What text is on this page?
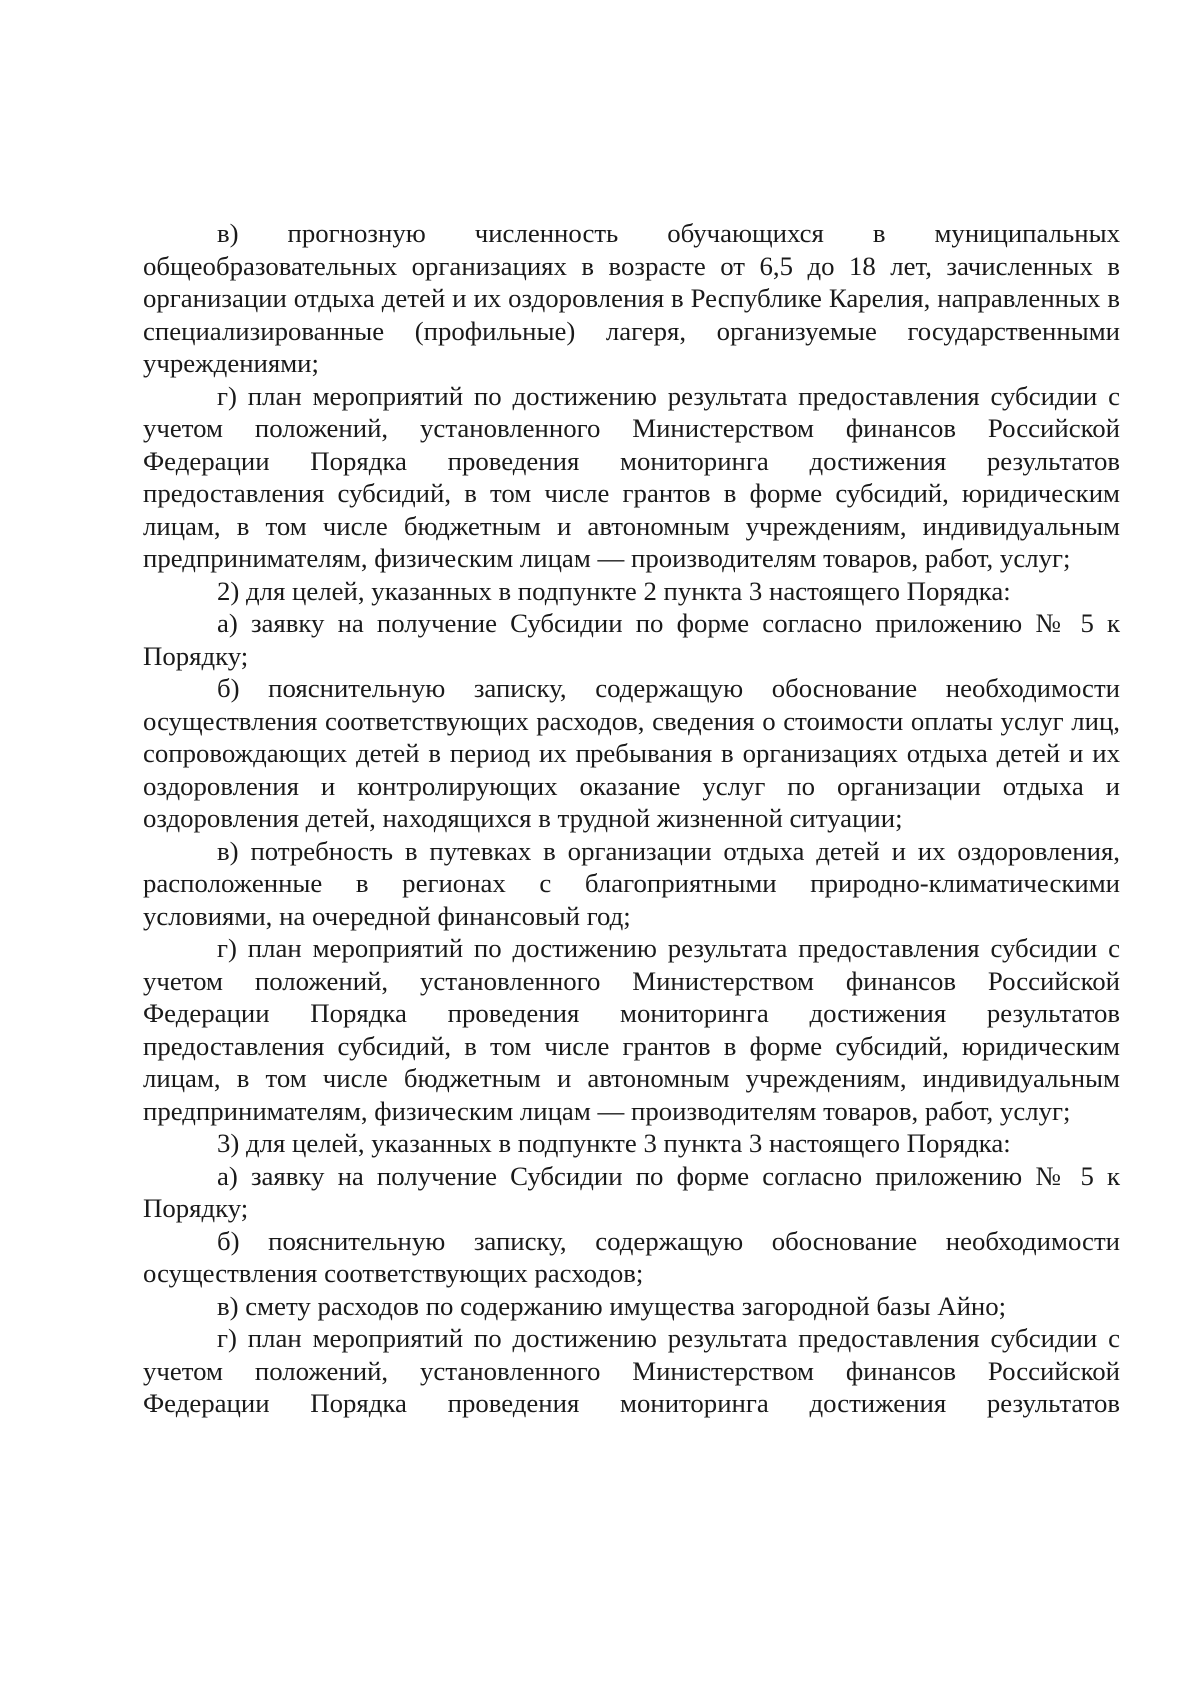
в) прогнозную численность обучающихся в муниципальных общеобразовательных организациях в возрасте от 6,5 до 18 лет, зачисленных в организации отдыха детей и их оздоровления в Республике Карелия, направленных в специализированные (профильные) лагеря, организуемые государственными учреждениями;

г) план мероприятий по достижению результата предоставления субсидии с учетом положений, установленного Министерством финансов Российской Федерации Порядка проведения мониторинга достижения результатов предоставления субсидий, в том числе грантов в форме субсидий, юридическим лицам, в том числе бюджетным и автономным учреждениям, индивидуальным предпринимателям, физическим лицам — производителям товаров, работ, услуг;

2) для целей, указанных в подпункте 2 пункта 3 настоящего Порядка:

а) заявку на получение Субсидии по форме согласно приложению № 5 к Порядку;

б) пояснительную записку, содержащую обоснование необходимости осуществления соответствующих расходов, сведения о стоимости оплаты услуг лиц, сопровождающих детей в период их пребывания в организациях отдыха детей и их оздоровления и контролирующих оказание услуг по организации отдыха и оздоровления детей, находящихся в трудной жизненной ситуации;

в) потребность в путевках в организации отдыха детей и их оздоровления, расположенные в регионах с благоприятными природно-климатическими условиями, на очередной финансовый год;

г) план мероприятий по достижению результата предоставления субсидии с учетом положений, установленного Министерством финансов Российской Федерации Порядка проведения мониторинга достижения результатов предоставления субсидий, в том числе грантов в форме субсидий, юридическим лицам, в том числе бюджетным и автономным учреждениям, индивидуальным предпринимателям, физическим лицам — производителям товаров, работ, услуг;

3) для целей, указанных в подпункте 3 пункта 3 настоящего Порядка:

а) заявку на получение Субсидии по форме согласно приложению № 5 к Порядку;

б) пояснительную записку, содержащую обоснование необходимости осуществления соответствующих расходов;

в) смету расходов по содержанию имущества загородной базы Айно;

г) план мероприятий по достижению результата предоставления субсидии с учетом положений, установленного Министерством финансов Российской Федерации Порядка проведения мониторинга достижения результатов
